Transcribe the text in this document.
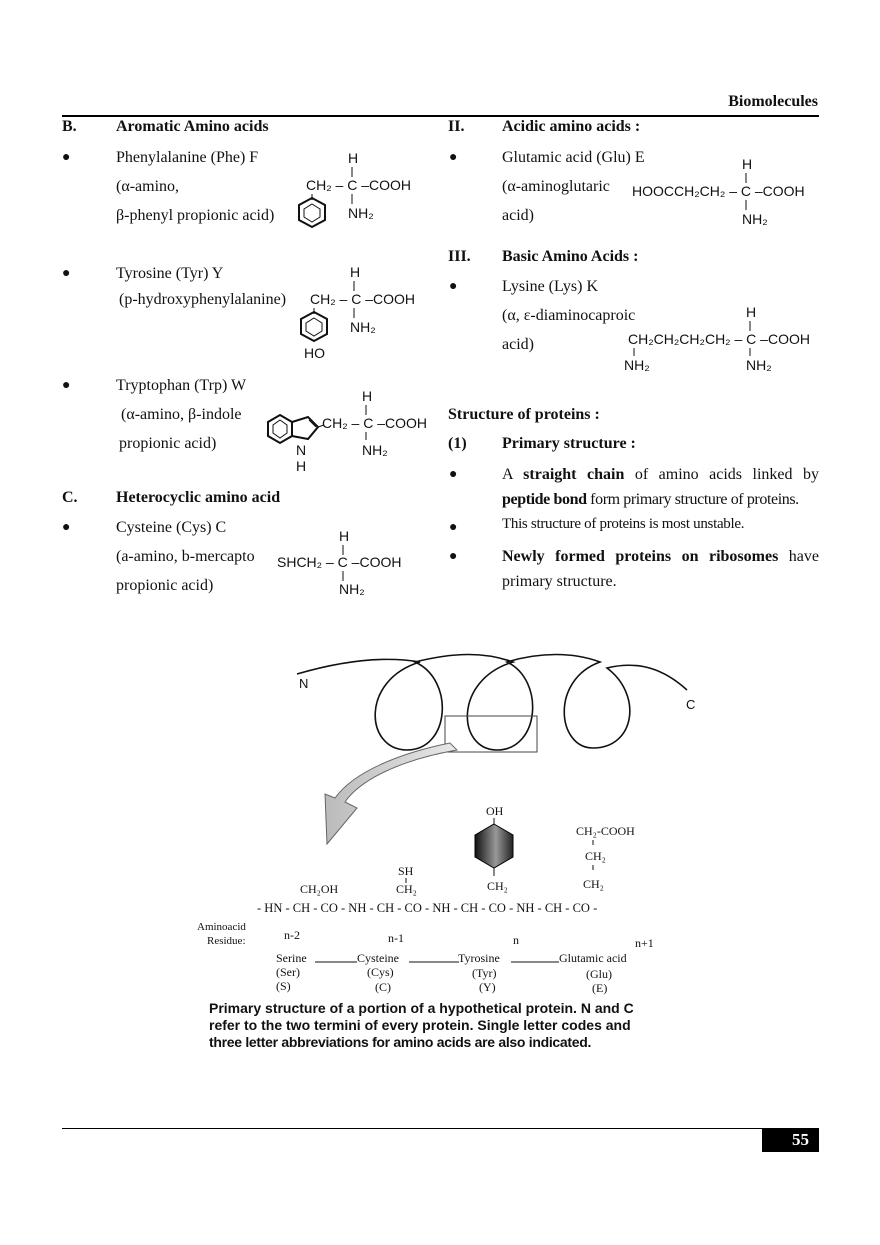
Biomolecules
B. Aromatic Amino acids
●	Phenylalanine (Phe) F
(α-amino,
β-phenyl propionic acid)
H
CH₂ – C –COOH
NH₂
●	Tyrosine (Tyr) Y
(p-hydroxyphenylalanine)
H
CH₂ – C –COOH
NH₂
HO
●	Tryptophan (Trp) W
(α-amino, β-indole
propionic acid)
H
CH₂ – C –COOH
NH₂
N
H
C. Heterocyclic amino acid
●	Cysteine (Cys) C
(a-amino, b-mercapto
propionic acid)
H
SHCH₂ – C –COOH
NH₂
II. Acidic amino acids :
●	Glutamic acid (Glu) E
(α-aminoglutaric
acid)
H
HOOCCH₂CH₂ – C –COOH
NH₂
III. Basic Amino Acids :
●	Lysine (Lys) K
(α, ε-diaminocaproic
acid)
H
CH₂CH₂CH₂CH₂ – C –COOH
NH₂	NH₂
Structure of proteins :
(1) Primary structure :
●	A straight chain of amino acids linked by
peptide bond form primary structure of proteins.
●	This structure of proteins is most unstable.
●	Newly formed proteins on ribosomes have
primary structure.
N
C
OH
CH₂
CH₂-COOH
CH₂
CH₂
SH
CH₂
CH₂OH
- HN - CH - CO - NH - CH - CO - NH - CH - CO - NH - CH - CO -
Aminoacid
Residue:	n-2	n-1	n	n+1
Serine	Cysteine	Tyrosine	Glutamic acid
(Ser)	(Cys)	(Tyr)	(Glu)
(S)	(C)	(Y)	(E)
Primary structure of a portion of a hypothetical protein. N and C
refer to the two termini of every protein. Single letter codes and
three letter abbreviations for amino acids are also indicated.
55
